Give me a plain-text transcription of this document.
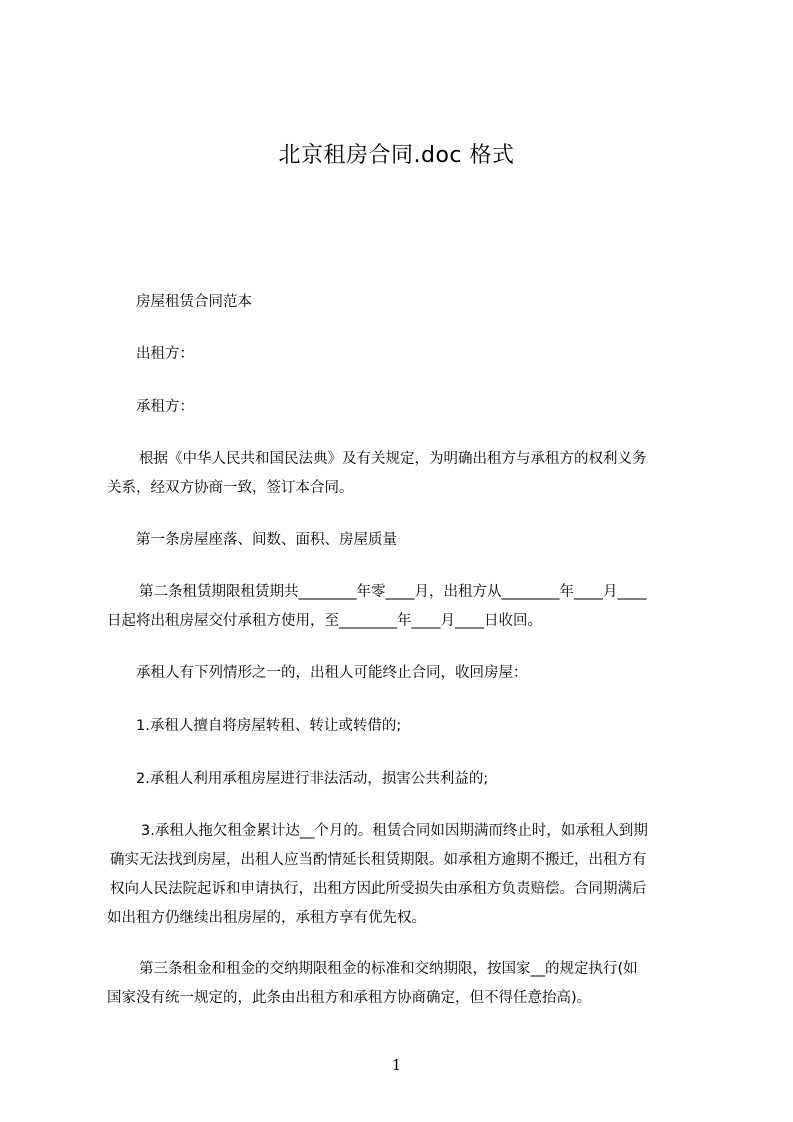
北京租房合同.doc 格式

房屋租赁合同范本

出租方：

承租方：

根据《中华人民共和国民法典》及有关规定，为明确出租方与承租方的权利义务
关系，经双方协商一致，签订本合同。

第一条房屋座落、间数、面积、房屋质量

第二条租赁期限租赁期共________年零____月，出租方从________年____月____
日起将出租房屋交付承租方使用，至________年____月____日收回。

承租人有下列情形之一的，出租人可能终止合同，收回房屋：

1.承租人擅自将房屋转租、转让或转借的;

2.承租人利用承租房屋进行非法活动，损害公共利益的;

3.承租人拖欠租金累计达__个月的。租赁合同如因期满而终止时，如承租人到期
确实无法找到房屋，出租人应当酌情延长租赁期限。如承租方逾期不搬迁，出租方有
权向人民法院起诉和申请执行，出租方因此所受损失由承租方负责赔偿。合同期满后
如出租方仍继续出租房屋的，承租方享有优先权。

第三条租金和租金的交纳期限租金的标准和交纳期限，按国家__的规定执行(如
国家没有统一规定的，此条由出租方和承租方协商确定，但不得任意抬高)。

1
